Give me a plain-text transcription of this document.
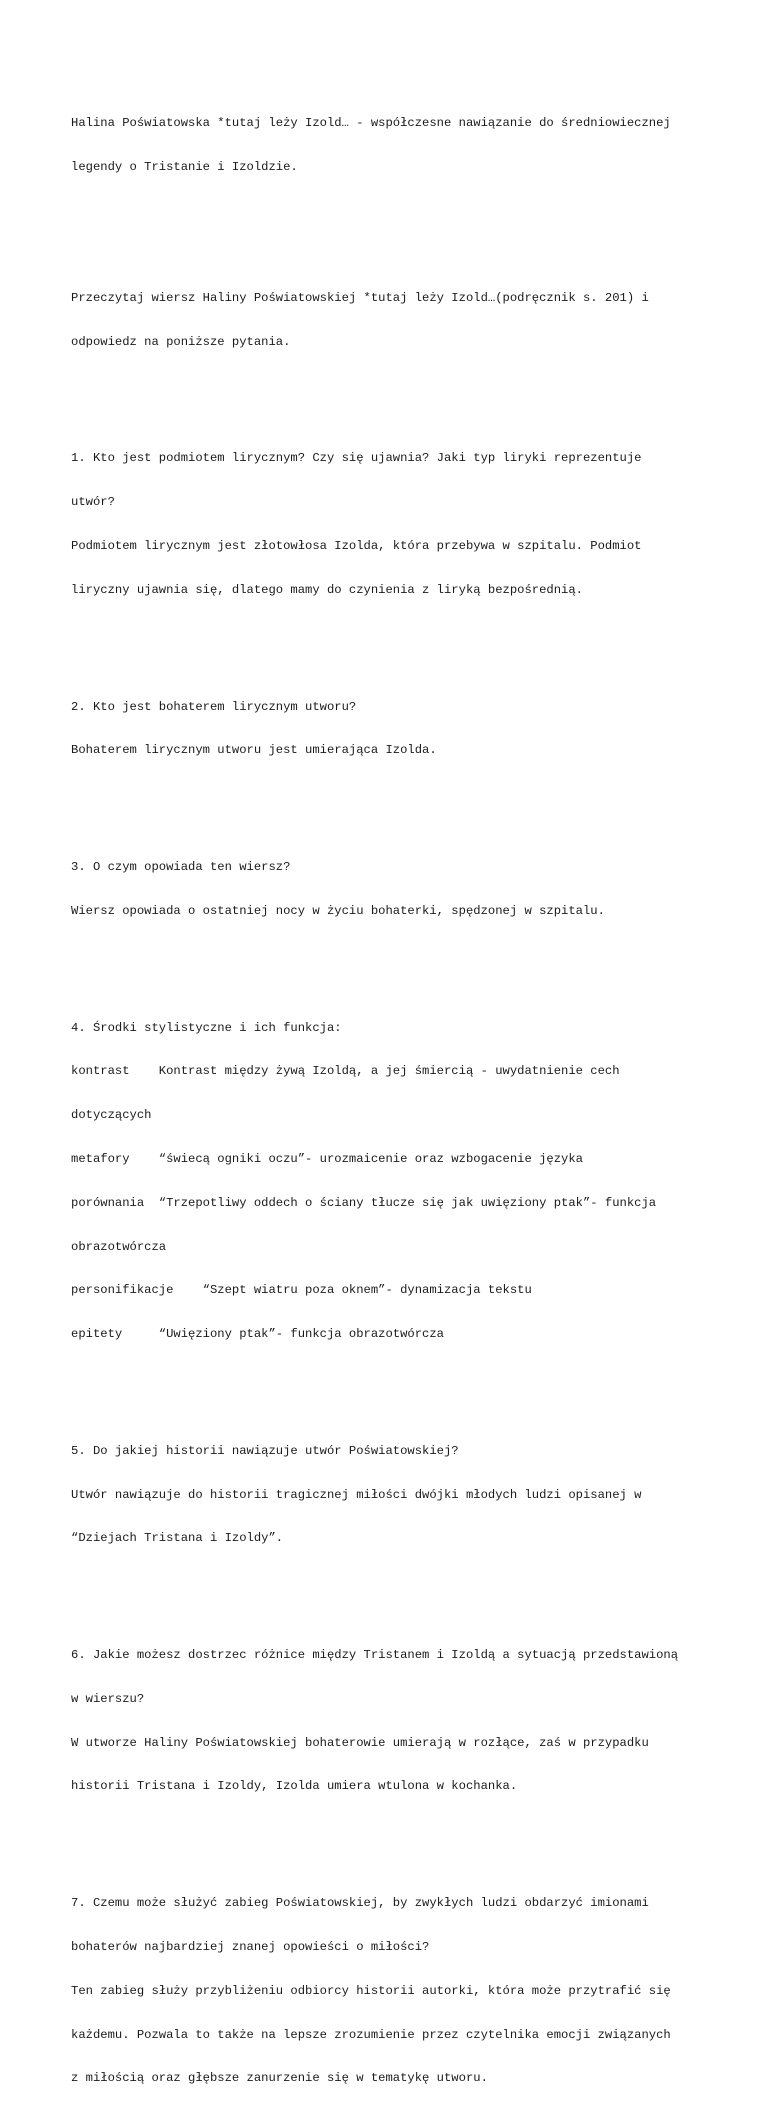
Halina Poświatowska *tutaj leży Izold… - współczesne nawiązanie do średniowiecznej

legendy o Tristanie i Izoldzie.

Przeczytaj wiersz Haliny Poświatowskiej *tutaj leży Izold…(podręcznik s. 201) i

odpowiedz na poniższe pytania.

1. Kto jest podmiotem lirycznym? Czy się ujawnia? Jaki typ liryki reprezentuje

utwór?

Podmiotem lirycznym jest złotowłosa Izolda, która przebywa w szpitalu. Podmiot

liryczny ujawnia się, dlatego mamy do czynienia z liryką bezpośrednią.

2. Kto jest bohaterem lirycznym utworu?

Bohaterem lirycznym utworu jest umierająca Izolda.

3. O czym opowiada ten wiersz?

Wiersz opowiada o ostatniej nocy w życiu bohaterki, spędzonej w szpitalu.

4. Środki stylistyczne i ich funkcja:

kontrast    Kontrast między żywą Izoldą, a jej śmiercią - uwydatnienie cech

dotyczących

metafory    “świecą ogniki oczu”- urozmaicenie oraz wzbogacenie języka

porównania  “Trzepotliwy oddech o ściany tłucze się jak uwięziony ptak”- funkcja

obrazotwórcza

personifikacje    “Szept wiatru poza oknem”- dynamizacja tekstu

epitety     “Uwięziony ptak”- funkcja obrazotwórcza

5. Do jakiej historii nawiązuje utwór Poświatowskiej?

Utwór nawiązuje do historii tragicznej miłości dwójki młodych ludzi opisanej w

“Dziejach Tristana i Izoldy”.

6. Jakie możesz dostrzec różnice między Tristanem i Izoldą a sytuacją przedstawioną

w wierszu?

W utworze Haliny Poświatowskiej bohaterowie umierają w rozłące, zaś w przypadku

historii Tristana i Izoldy, Izolda umiera wtulona w kochanka.

7. Czemu może służyć zabieg Poświatowskiej, by zwykłych ludzi obdarzyć imionami

bohaterów najbardziej znanej opowieści o miłości?

Ten zabieg służy przybliżeniu odbiorcy historii autorki, która może przytrafić się

każdemu. Pozwala to także na lepsze zrozumienie przez czytelnika emocji związanych

z miłością oraz głębsze zanurzenie się w tematykę utworu.
